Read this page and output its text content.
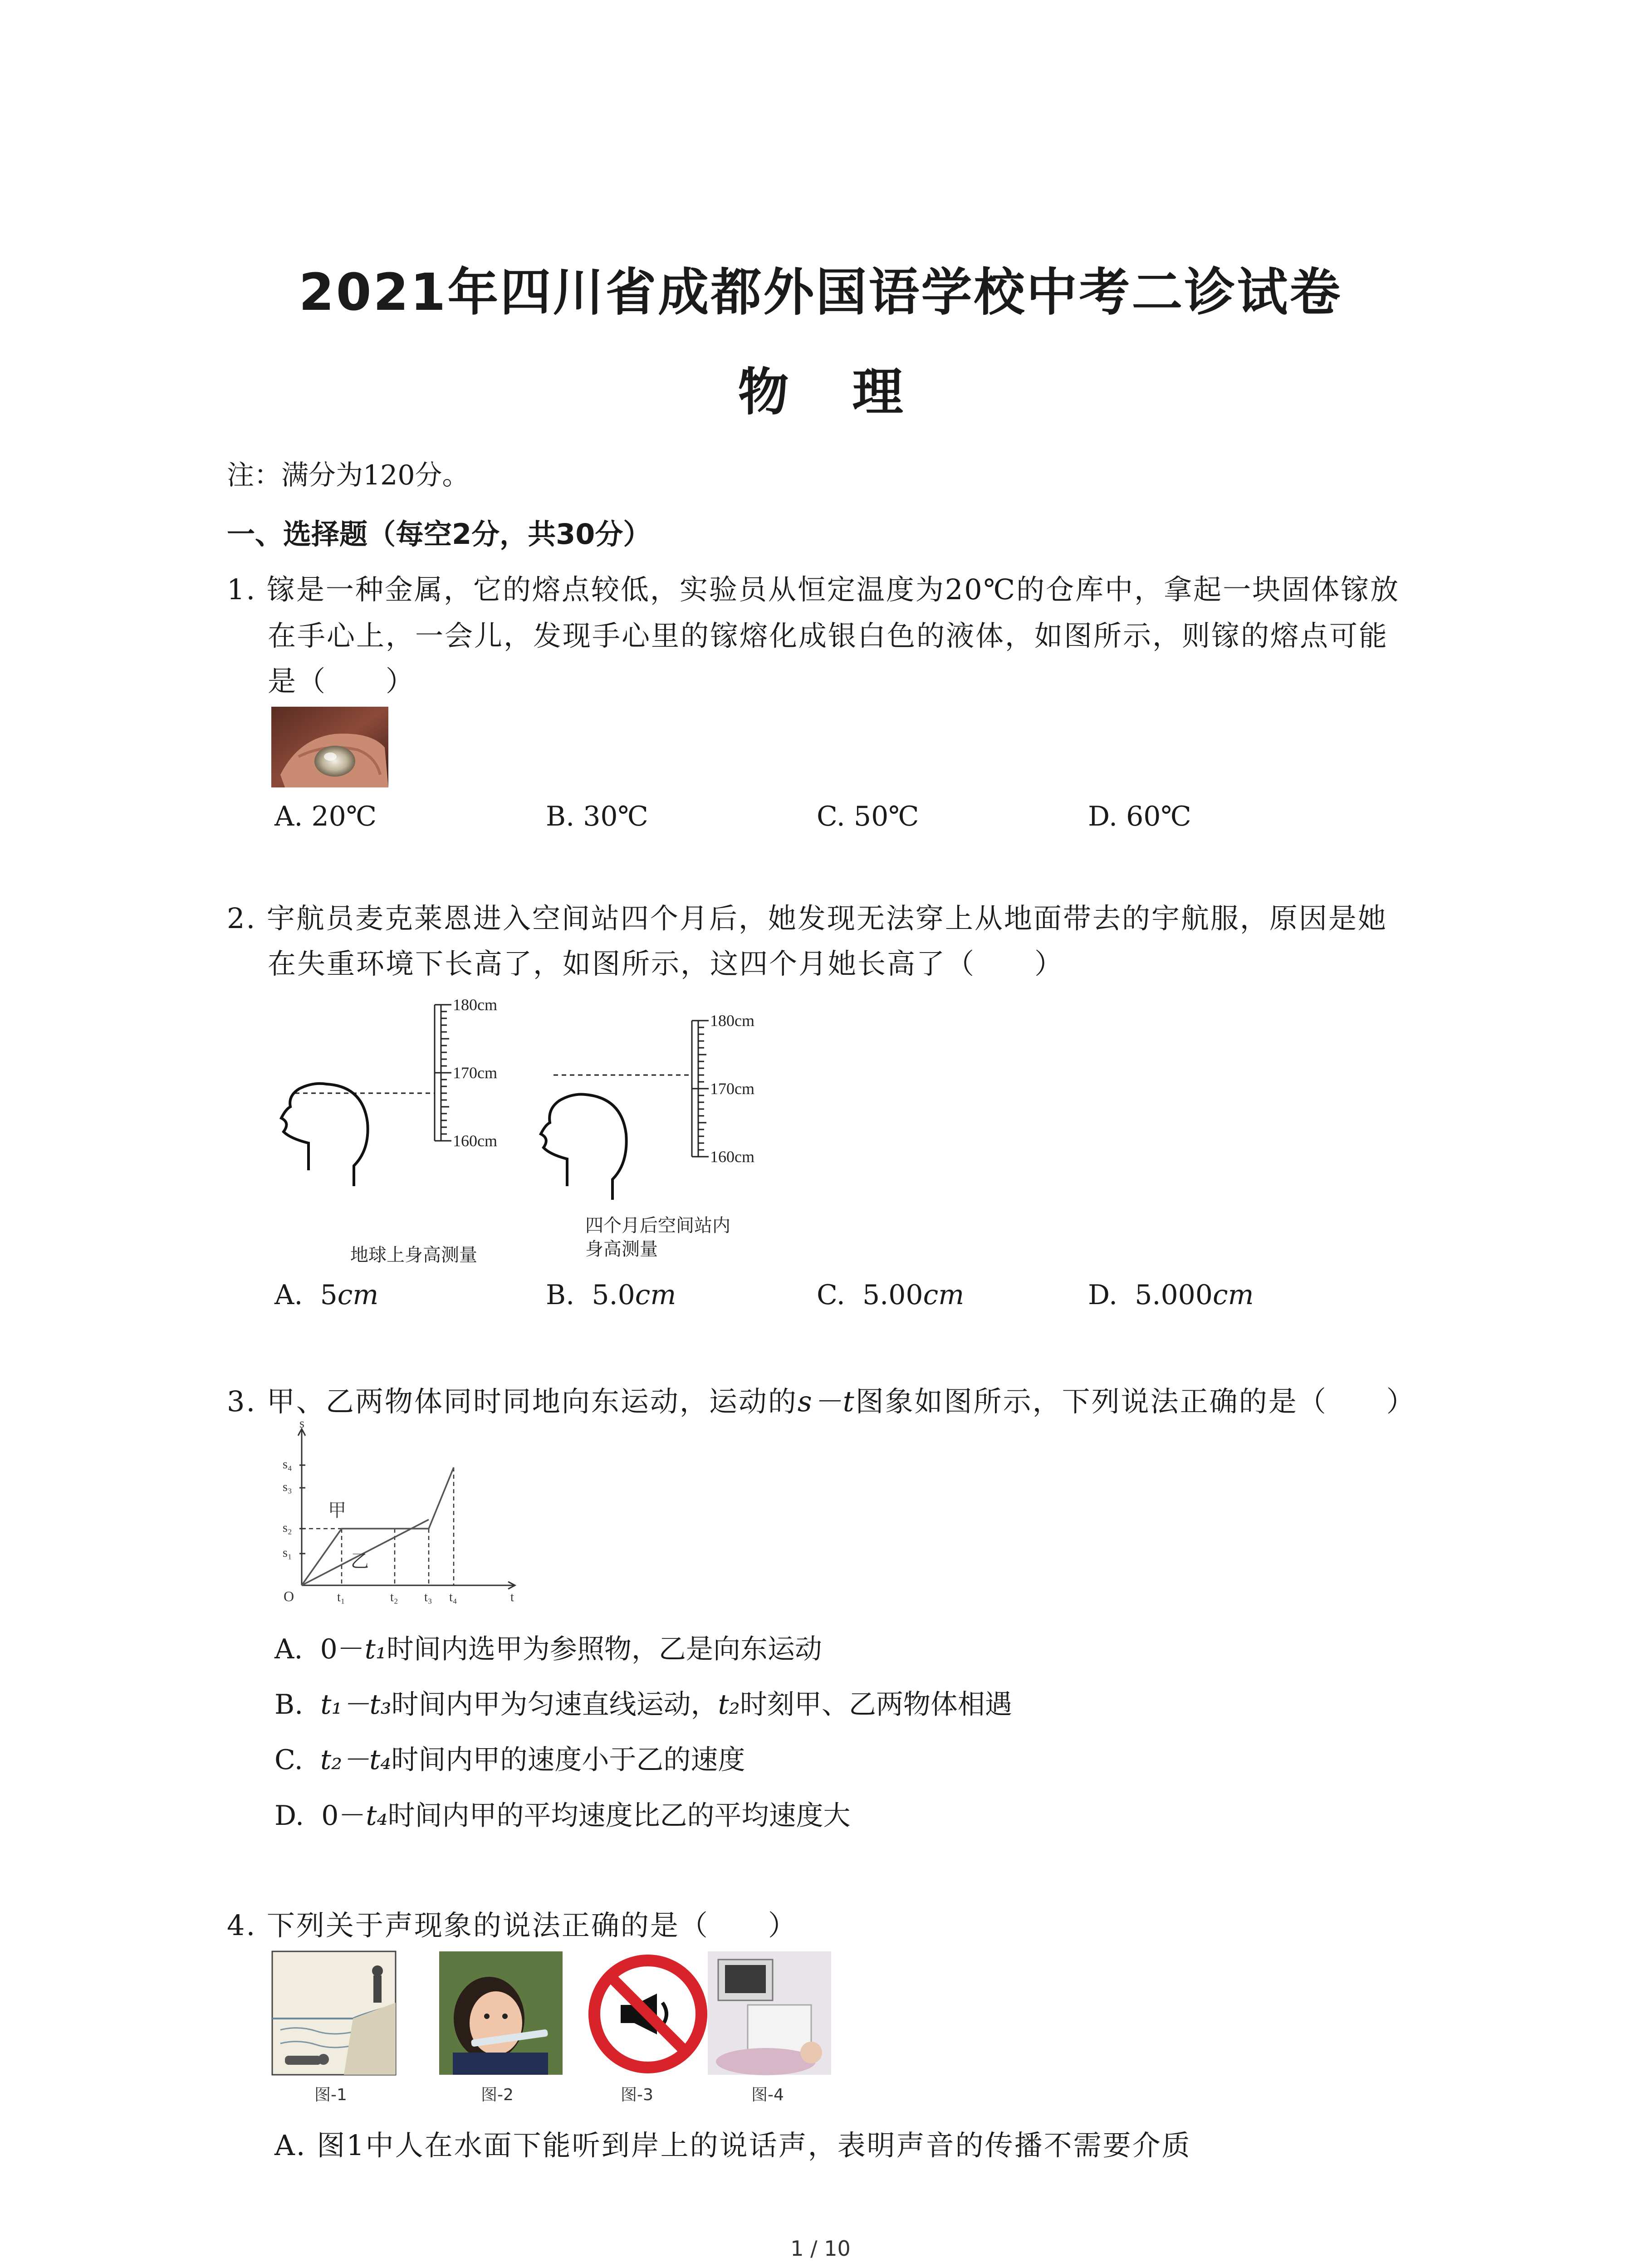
2021年四川省成都外国语学校中考二诊试卷
物 理
注：满分为120分。
一、选择题（每空2分，共30分）
1. 镓是一种金属，它的熔点较低，实验员从恒定温度为20℃的仓库中，拿起一块固体镓放
在手心上，一会儿，发现手心里的镓熔化成银白色的液体，如图所示，则镓的熔点可能
是（　　）
A. 20℃	B. 30℃	C. 50℃	D. 60℃
2. 宇航员麦克莱恩进入空间站四个月后，她发现无法穿上从地面带去的宇航服，原因是她
在失重环境下长高了，如图所示，这四个月她长高了（　　）
180cm
170cm
160cm
地球上身高测量
180cm
170cm
160cm
四个月后空间站内
身高测量
A. 5cm	B. 5.0cm	C. 5.00cm	D. 5.000cm
3. 甲、乙两物体同时同地向东运动，运动的s－t图象如图所示，下列说法正确的是（　　）
s
t
O
s₄
s₃
s₂
s₁
t₁	t₂ t₃ t₄
甲
乙
A. 0－t₁时间内选甲为参照物，乙是向东运动
B. t₁－t₃时间内甲为匀速直线运动，t₂时刻甲、乙两物体相遇
C. t₂－t₄时间内甲的速度小于乙的速度
D. 0－t₄时间内甲的平均速度比乙的平均速度大
4. 下列关于声现象的说法正确的是（　　）
图-1	图-2	图-3	图-4
A. 图1中人在水面下能听到岸上的说话声，表明声音的传播不需要介质
1 / 10
